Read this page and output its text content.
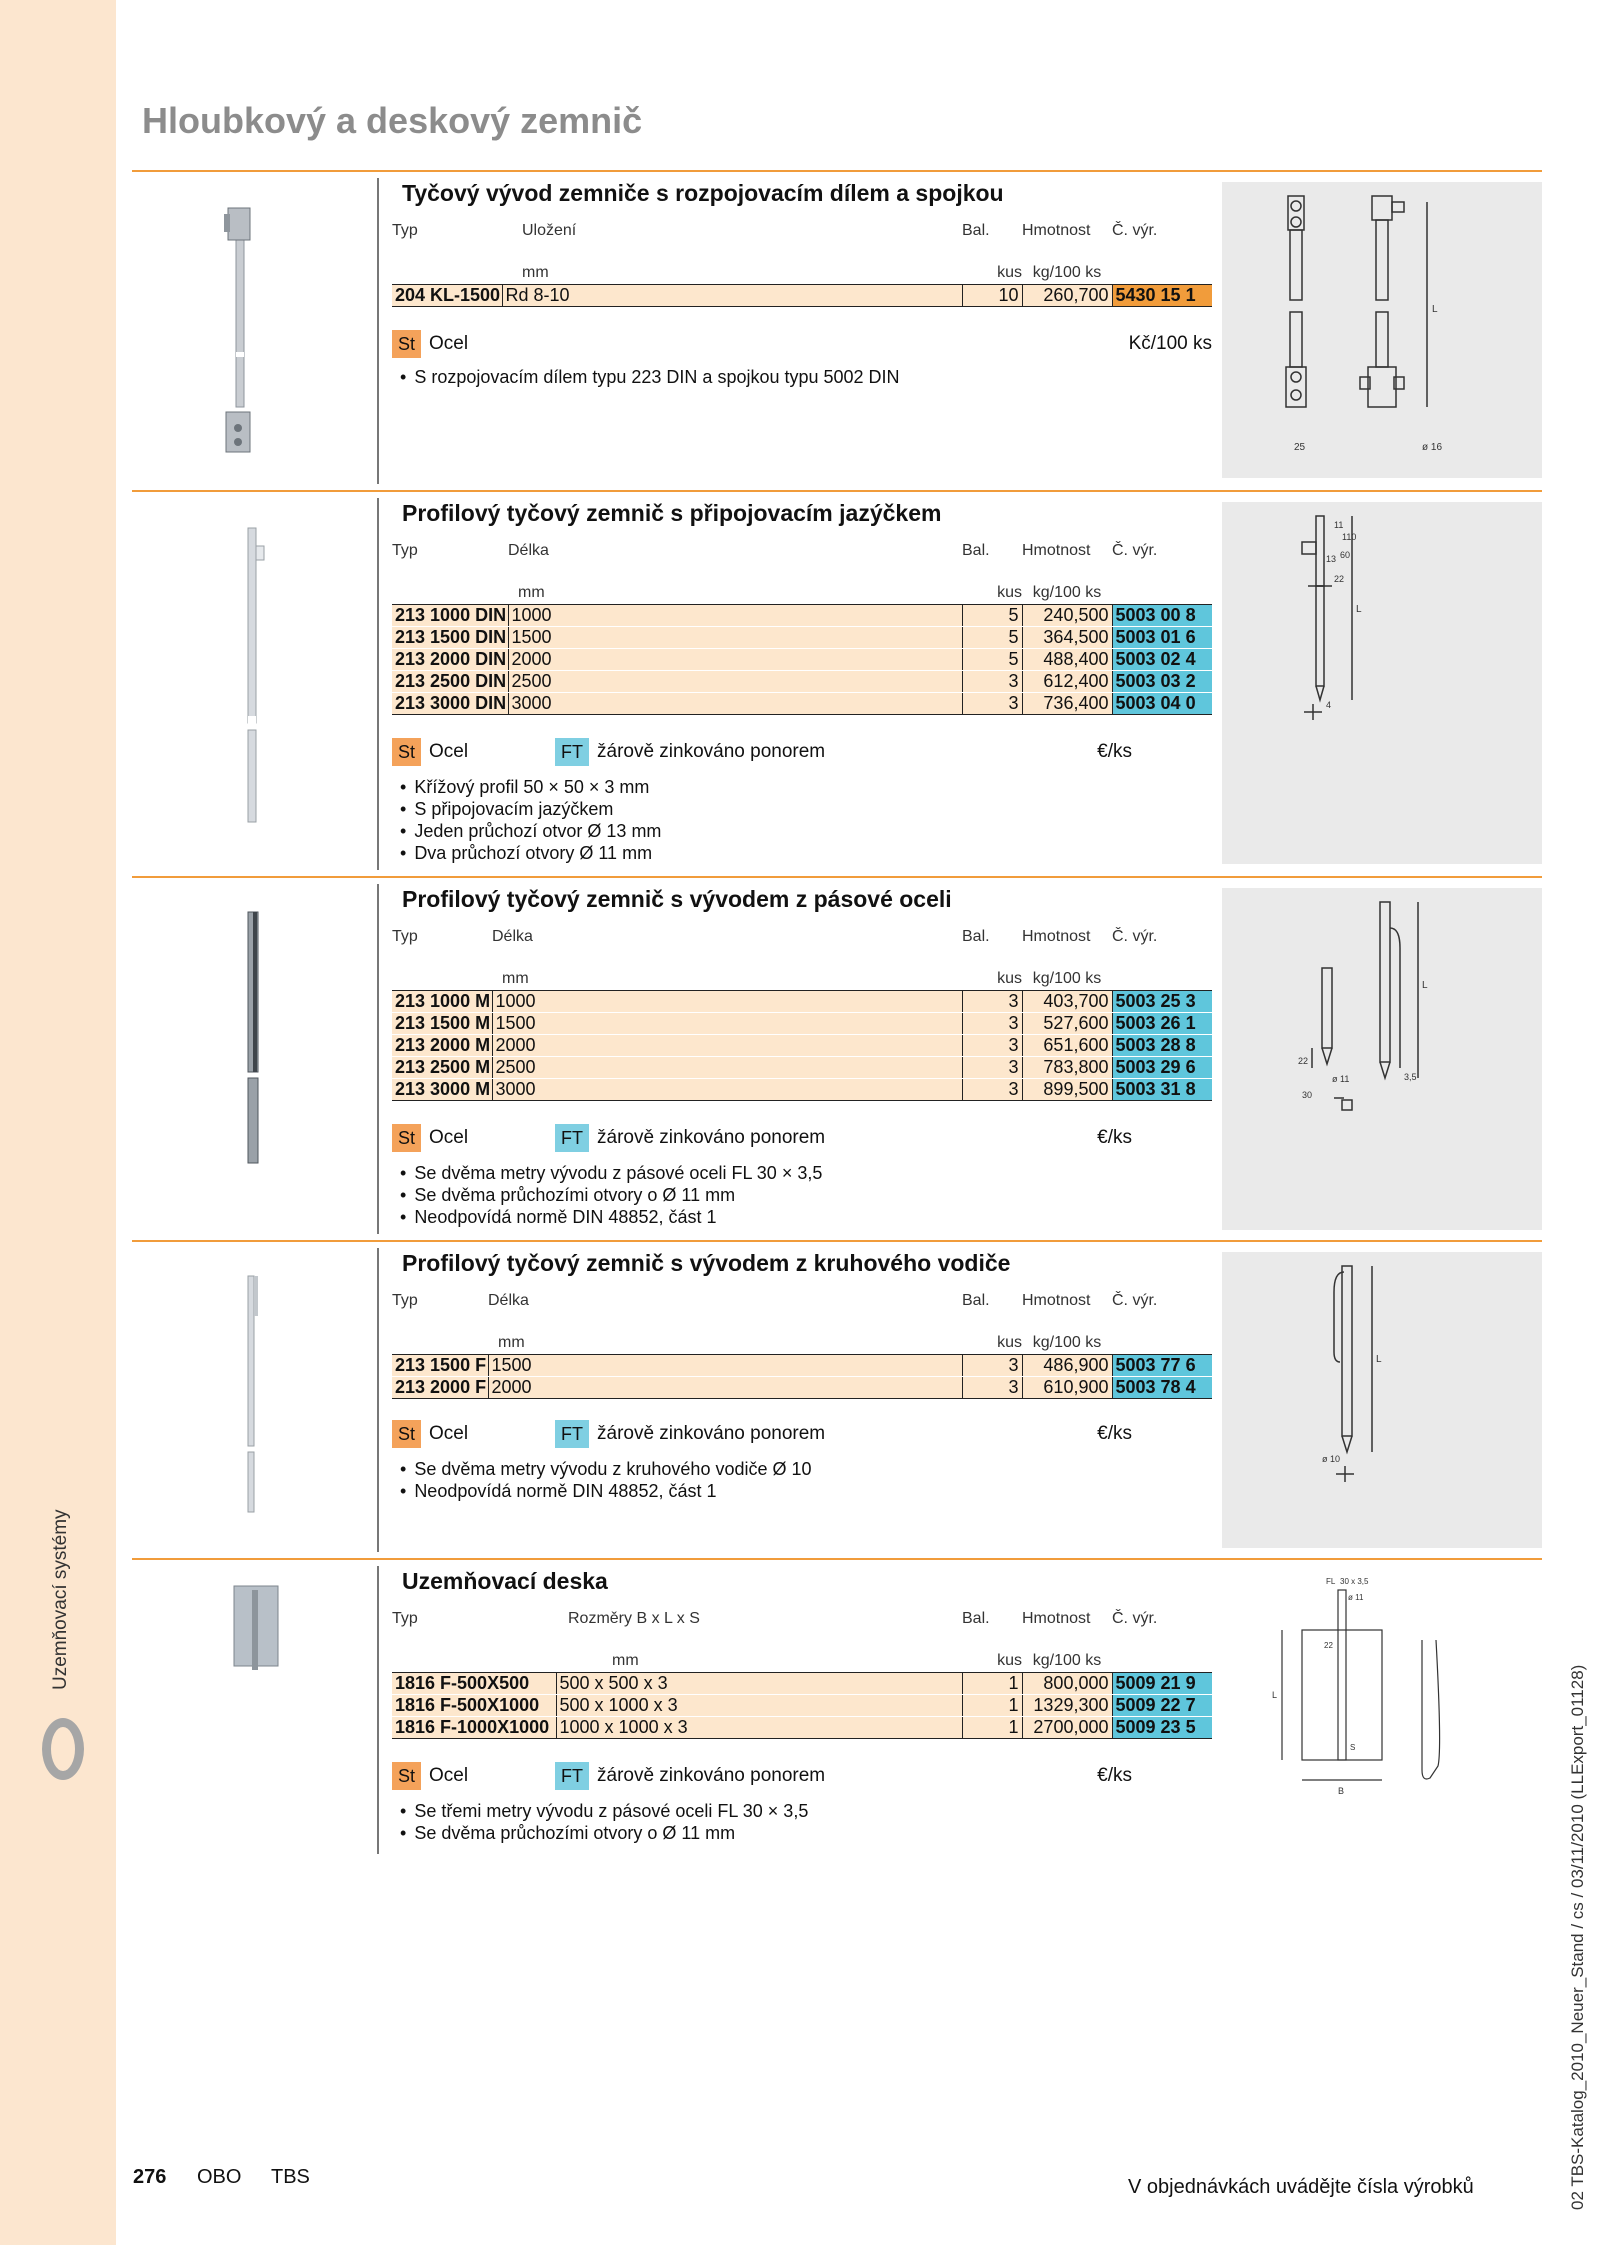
Uzemňovací systémy
Hloubkový a deskový zemnič
02 TBS-Katalog_2010_Neuer_Stand / cs / 03/11/2010 (LLExport_01128)
Tyčový vývod zemniče s rozpojovacím dílem a spojkou
Typ	Uložení	Bal.	Hmotnost	Č. výr.
	mm	kus	kg/100 ks	
204 KL-1500	Rd 8-10	10	260,700	5430 15 1
St Ocel	Kč/100 ks
• S rozpojovacím dílem typu 223 DIN a spojkou typu 5002 DIN
L
25	ø 16
Profilový tyčový zemnič s připojovacím jazýčkem
Typ	Délka	Bal.	Hmotnost	Č. výr.
	mm	kus	kg/100 ks	
213 1000 DIN	1000	5	240,500	5003 00 8
213 1500 DIN	1500	5	364,500	5003 01 6
213 2000 DIN	2000	5	488,400	5003 02 4
213 2500 DIN	2500	3	612,400	5003 03 2
213 3000 DIN	3000	3	736,400	5003 04 0
St Ocel	FT žárově zinkováno ponorem	€/ks
• Křížový profil 50 × 50 × 3 mm
• S připojovacím jazýčkem
• Jeden průchozí otvor Ø 13 mm
• Dva průchozí otvory Ø 11 mm
11
110
13 60
22
L
4
Profilový tyčový zemnič s vývodem z pásové oceli
Typ	Délka	Bal.	Hmotnost	Č. výr.
	mm	kus	kg/100 ks	
213 1000 M	1000	3	403,700	5003 25 3
213 1500 M	1500	3	527,600	5003 26 1
213 2000 M	2000	3	651,600	5003 28 8
213 2500 M	2500	3	783,800	5003 29 6
213 3000 M	3000	3	899,500	5003 31 8
St Ocel	FT žárově zinkováno ponorem	€/ks
• Se dvěma metry vývodu z pásové oceli FL 30 × 3,5
• Se dvěma průchozími otvory o Ø 11 mm
• Neodpovídá normě DIN 48852, část 1
L
22
ø 11
30
3,5
Profilový tyčový zemnič s vývodem z kruhového vodiče
Typ	Délka	Bal.	Hmotnost	Č. výr.
	mm	kus	kg/100 ks	
213 1500 F	1500	3	486,900	5003 77 6
213 2000 F	2000	3	610,900	5003 78 4
St Ocel	FT žárově zinkováno ponorem	€/ks
• Se dvěma metry vývodu z kruhového vodiče Ø 10
• Neodpovídá normě DIN 48852, část 1
L
ø 10
Uzemňovací deska
Typ	Rozměry B x L x S	Bal.	Hmotnost	Č. výr.
	mm	kus	kg/100 ks	
1816 F-500X500	500 x 500 x 3	1	800,000	5009 21 9
1816 F-500X1000	500 x 1000 x 3	1	1329,300	5009 22 7
1816 F-1000X1000	1000 x 1000 x 3	1	2700,000	5009 23 5
St Ocel	FT žárově zinkováno ponorem	€/ks
• Se třemi metry vývodu z pásové oceli FL 30 × 3,5
• Se dvěma průchozími otvory o Ø 11 mm
FL 30 x 3,5
ø 11
22
L
S
B
276 OBO TBS	V objednávkách uvádějte čísla výrobků
